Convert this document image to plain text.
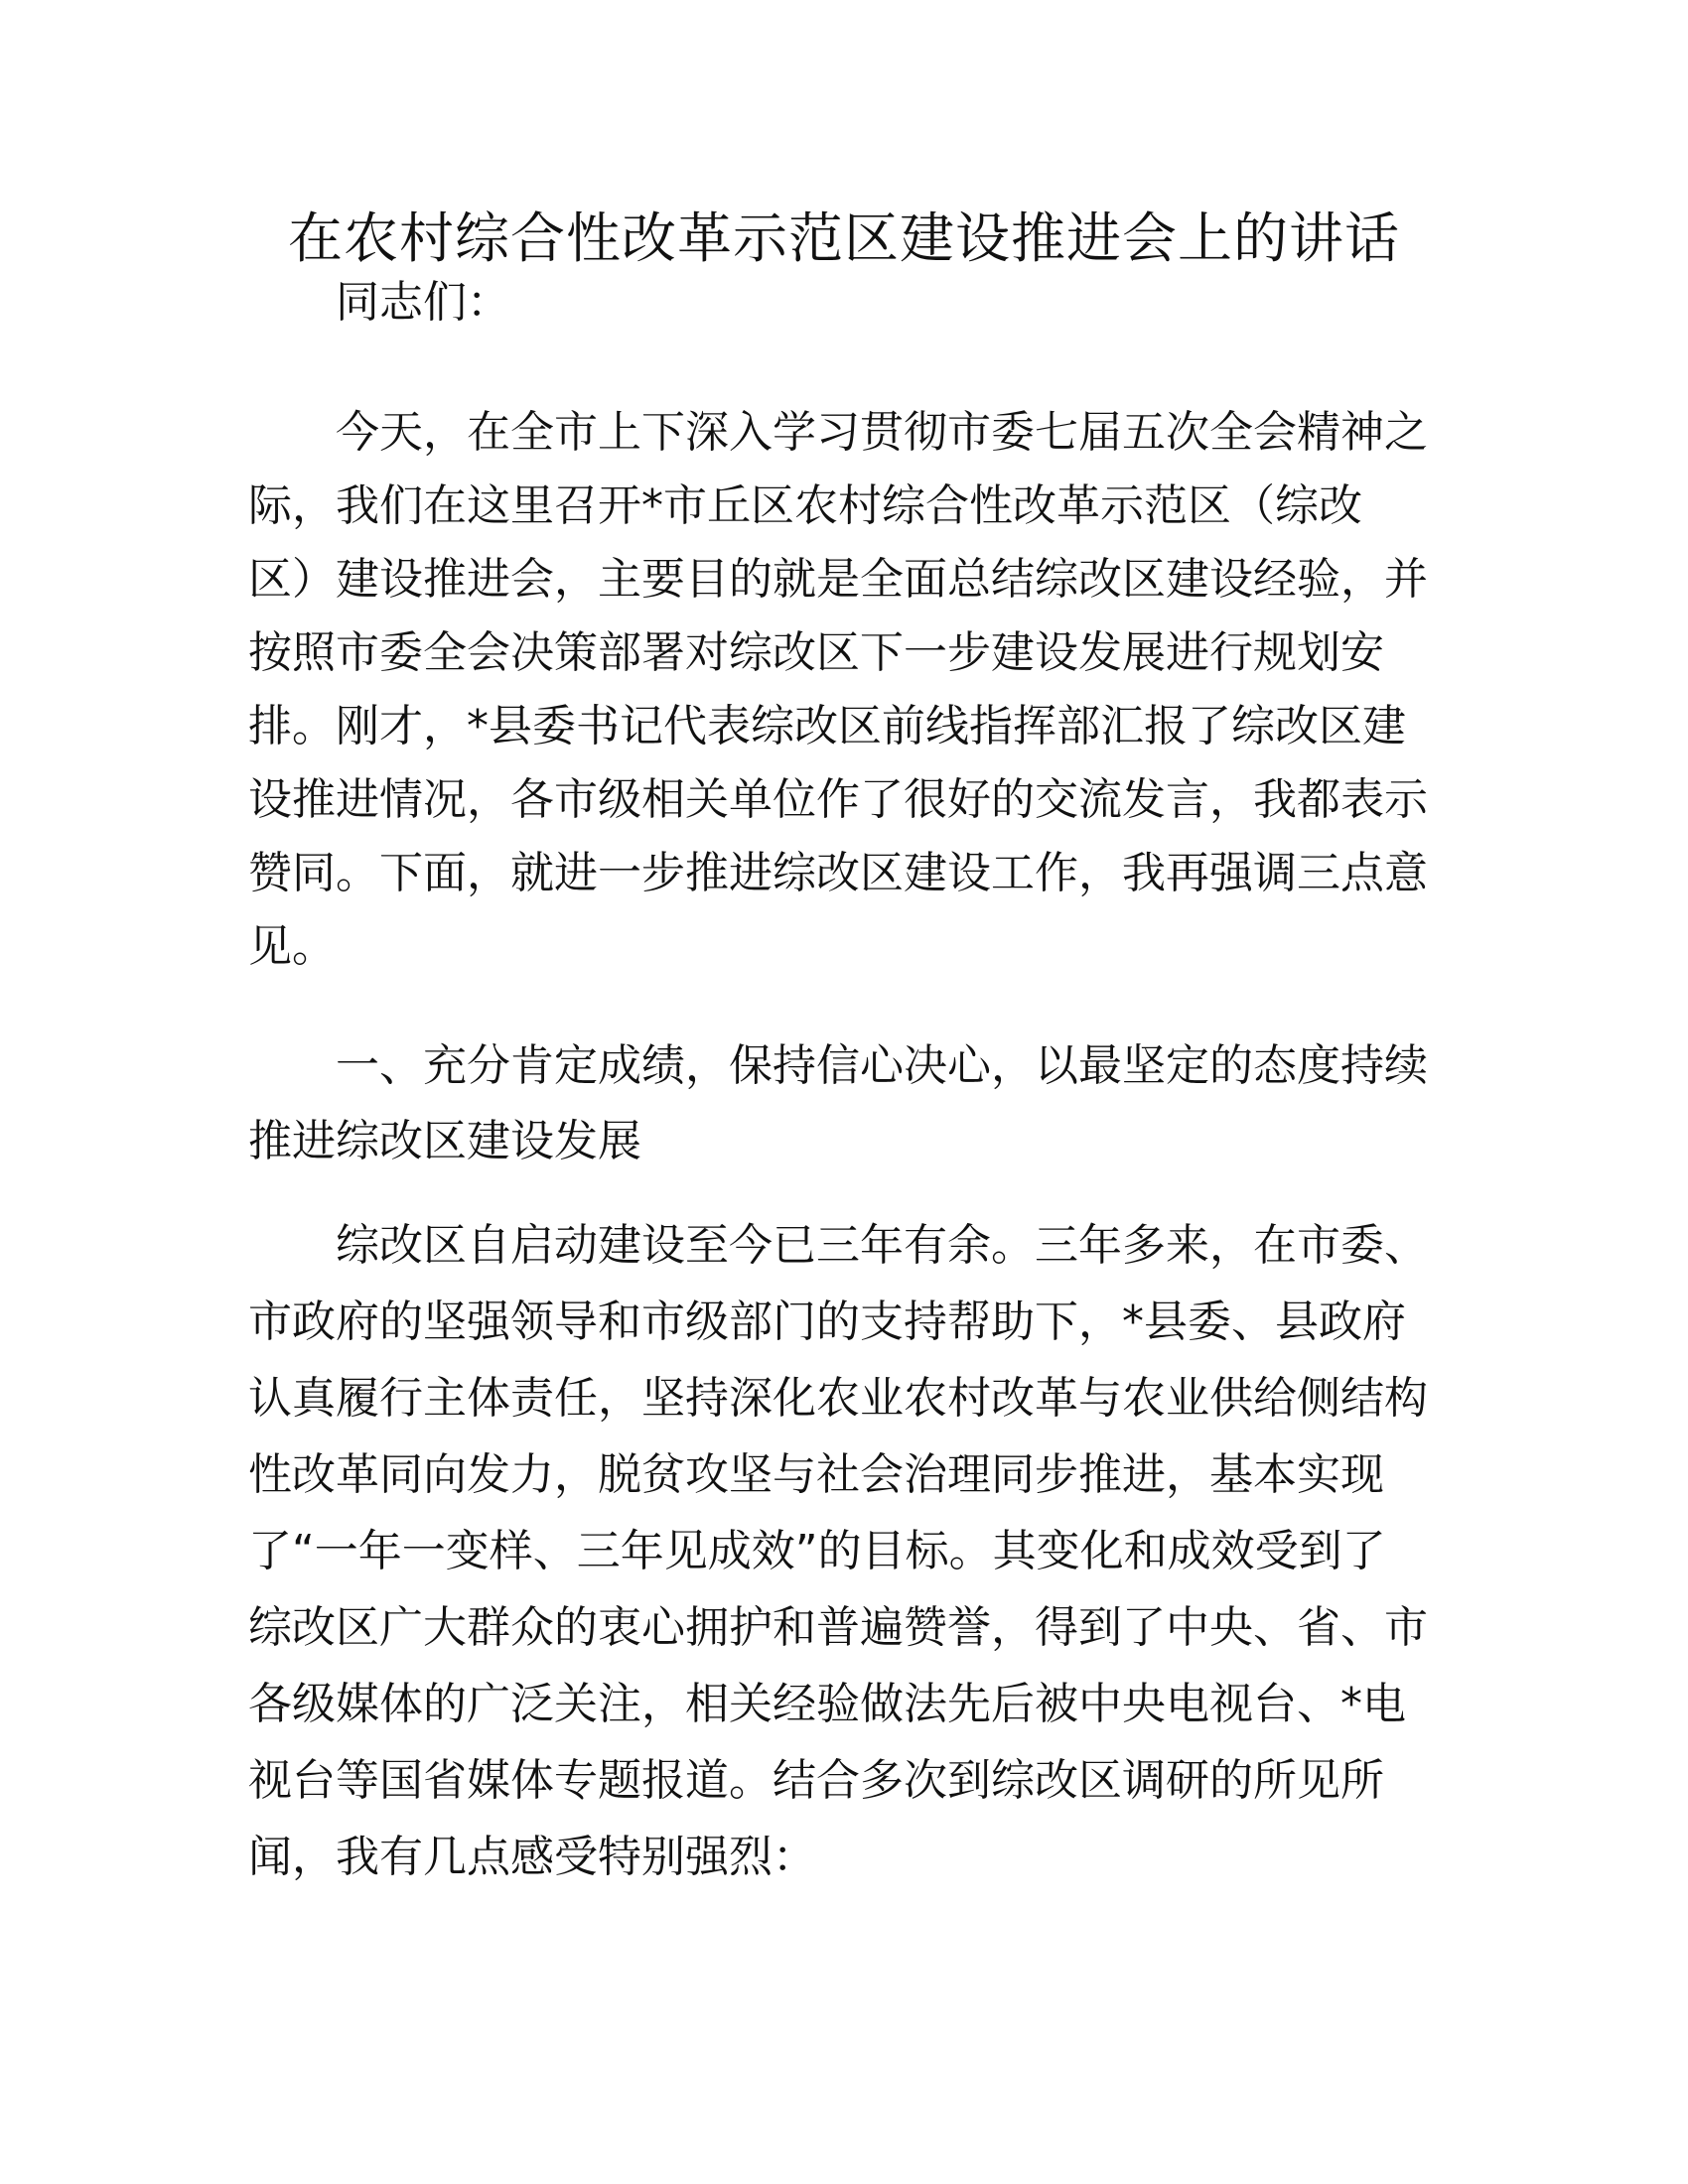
在农村综合性改革示范区建设推进会上的讲话
同志们：
今天，在全市上下深入学习贯彻市委七届五次全会精神之
际，我们在这里召开*市丘区农村综合性改革示范区（综改
区）建设推进会，主要目的就是全面总结综改区建设经验，并
按照市委全会决策部署对综改区下一步建设发展进行规划安
排。刚才，*县委书记代表综改区前线指挥部汇报了综改区建
设推进情况，各市级相关单位作了很好的交流发言，我都表示
赞同。下面，就进一步推进综改区建设工作，我再强调三点意
见。
一、充分肯定成绩，保持信心决心，以最坚定的态度持续
推进综改区建设发展
综改区自启动建设至今已三年有余。三年多来，在市委、
市政府的坚强领导和市级部门的支持帮助下，*县委、县政府
认真履行主体责任，坚持深化农业农村改革与农业供给侧结构
性改革同向发力，脱贫攻坚与社会治理同步推进，基本实现
了“一年一变样、三年见成效”的目标。其变化和成效受到了
综改区广大群众的衷心拥护和普遍赞誉，得到了中央、省、市
各级媒体的广泛关注，相关经验做法先后被中央电视台、*电
视台等国省媒体专题报道。结合多次到综改区调研的所见所
闻，我有几点感受特别强烈：
